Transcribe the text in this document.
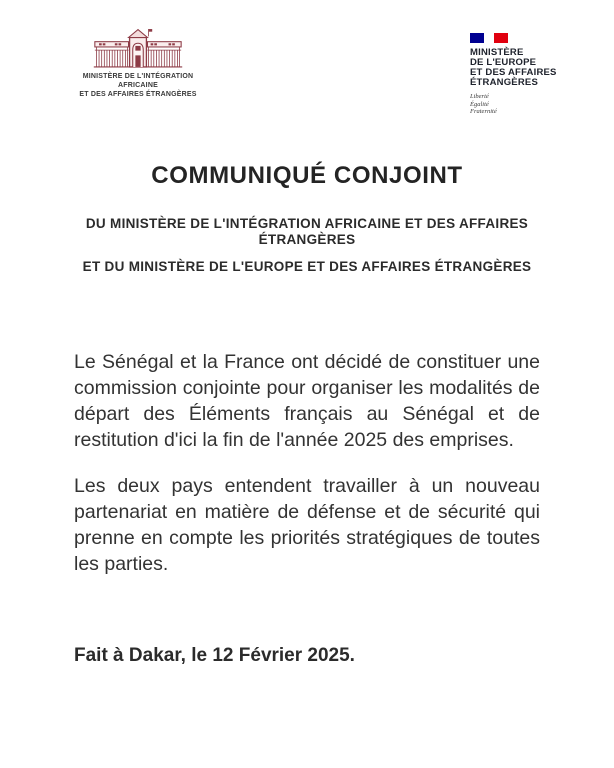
MINISTÈRE DE L'INTÉGRATION AFRICAINE
ET DES AFFAIRES ÉTRANGÈRES
MINISTÈRE
DE L'EUROPE
ET DES AFFAIRES
ÉTRANGÈRES
Liberté
Égalité
Fraternité
COMMUNIQUÉ CONJOINT
DU MINISTÈRE DE L'INTÉGRATION AFRICAINE ET DES AFFAIRES ÉTRANGÈRES
ET DU MINISTÈRE DE L'EUROPE ET DES AFFAIRES ÉTRANGÈRES

Le Sénégal et la France ont décidé de constituer une commission conjointe pour organiser les modalités de départ des Éléments français au Sénégal et de restitution d'ici la fin de l'année 2025 des emprises.

Les deux pays entendent travailler à un nouveau partenariat en matière de défense et de sécurité qui prenne en compte les priorités stratégiques de toutes les parties.

Fait à Dakar, le 12 Février 2025.
